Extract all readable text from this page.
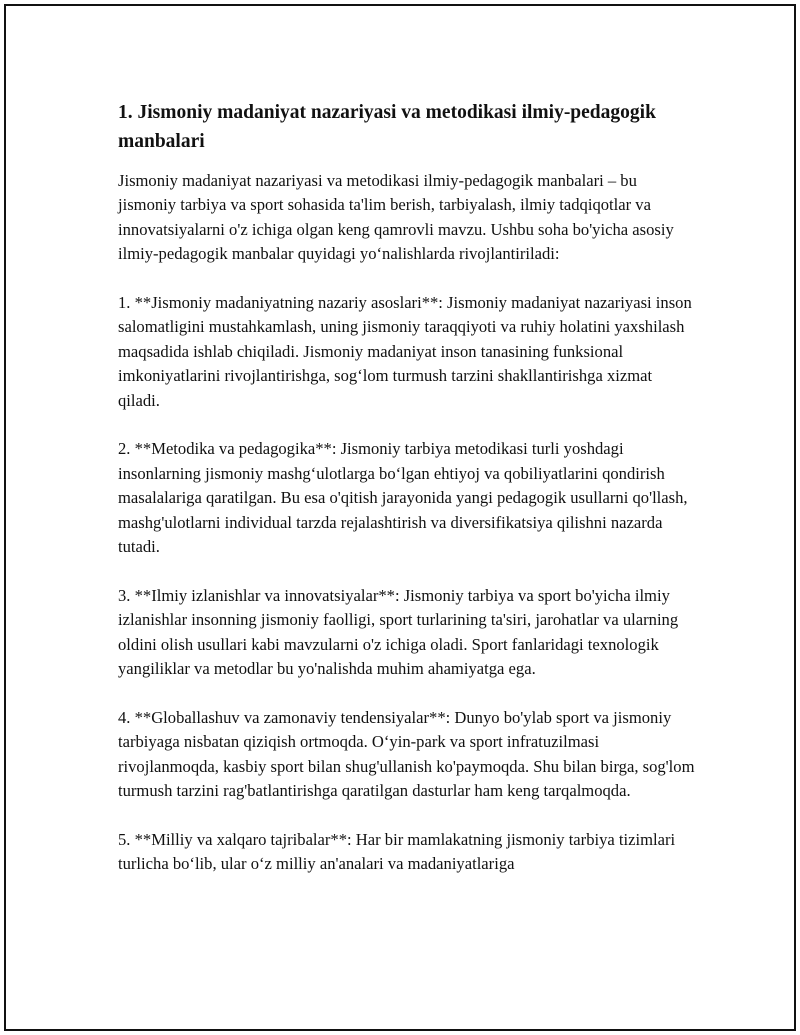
1. Jismoniy madaniyat nazariyasi va metodikasi ilmiy-pedagogik manbalari

Jismoniy madaniyat nazariyasi va metodikasi ilmiy-pedagogik manbalari – bu jismoniy tarbiya va sport sohasida ta'lim berish, tarbiyalash, ilmiy tadqiqotlar va innovatsiyalarni o'z ichiga olgan keng qamrovli mavzu. Ushbu soha bo'yicha asosiy ilmiy-pedagogik manbalar quyidagi yo‘nalishlarda rivojlantiriladi:

1. **Jismoniy madaniyatning nazariy asoslari**: Jismoniy madaniyat nazariyasi inson salomatligini mustahkamlash, uning jismoniy taraqqiyoti va ruhiy holatini yaxshilash maqsadida ishlab chiqiladi. Jismoniy madaniyat inson tanasining funksional imkoniyatlarini rivojlantirishga, sog‘lom turmush tarzini shakllantirishga xizmat qiladi.

2. **Metodika va pedagogika**: Jismoniy tarbiya metodikasi turli yoshdagi insonlarning jismoniy mashg‘ulotlarga bo‘lgan ehtiyoj va qobiliyatlarini qondirish masalalariga qaratilgan. Bu esa o'qitish jarayonida yangi pedagogik usullarni qo'llash, mashg'ulotlarni individual tarzda rejalashtirish va diversifikatsiya qilishni nazarda tutadi.

3. **Ilmiy izlanishlar va innovatsiyalar**: Jismoniy tarbiya va sport bo'yicha ilmiy izlanishlar insonning jismoniy faolligi, sport turlarining ta'siri, jarohatlar va ularning oldini olish usullari kabi mavzularni o'z ichiga oladi. Sport fanlaridagi texnologik yangiliklar va metodlar bu yo'nalishda muhim ahamiyatga ega.

4. **Globallashuv va zamonaviy tendensiyalar**: Dunyo bo'ylab sport va jismoniy tarbiyaga nisbatan qiziqish ortmoqda. O‘yin-park va sport infratuzilmasi rivojlanmoqda, kasbiy sport bilan shug'ullanish ko'paymoqda. Shu bilan birga, sog'lom turmush tarzini rag'batlantirishga qaratilgan dasturlar ham keng tarqalmoqda.

5. **Milliy va xalqaro tajribalar**: Har bir mamlakatning jismoniy tarbiya tizimlari turlicha bo‘lib, ular o‘z milliy an'analari va madaniyatlariga
